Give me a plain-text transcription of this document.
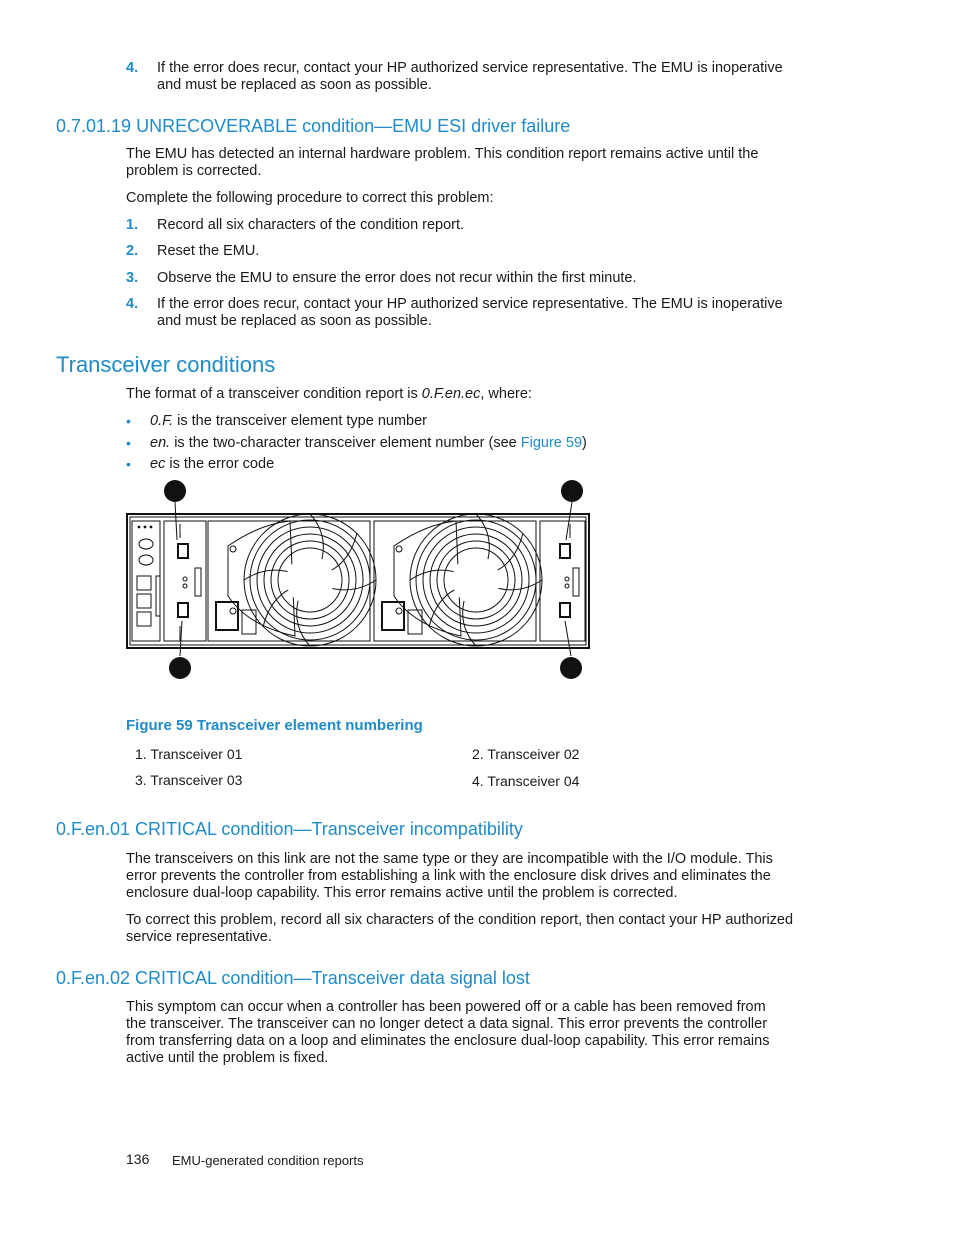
4. If the error does recur, contact your HP authorized service representative. The EMU is inoperative
and must be replaced as soon as possible.
0.7.01.19 UNRECOVERABLE condition—EMU ESI driver failure
The EMU has detected an internal hardware problem. This condition report remains active until the
problem is corrected.
Complete the following procedure to correct this problem:
1. Record all six characters of the condition report.
2. Reset the EMU.
3. Observe the EMU to ensure the error does not recur within the first minute.
4. If the error does recur, contact your HP authorized service representative. The EMU is inoperative
and must be replaced as soon as possible.
Transceiver conditions
The format of a transceiver condition report is 0.F.en.ec, where:
• 0.F. is the transceiver element type number
• en. is the two-character transceiver element number (see Figure 59)
• ec is the error code
Figure 59 Transceiver element numbering
1. Transceiver 01	2. Transceiver 02
3. Transceiver 03	4. Transceiver 04
0.F.en.01 CRITICAL condition—Transceiver incompatibility
The transceivers on this link are not the same type or they are incompatible with the I/O module. This
error prevents the controller from establishing a link with the enclosure disk drives and eliminates the
enclosure dual-loop capability. This error remains active until the problem is corrected.
To correct this problem, record all six characters of the condition report, then contact your HP authorized
service representative.
0.F.en.02 CRITICAL condition—Transceiver data signal lost
This symptom can occur when a controller has been powered off or a cable has been removed from
the transceiver. The transceiver can no longer detect a data signal. This error prevents the controller
from transferring data on a loop and eliminates the enclosure dual-loop capability. This error remains
active until the problem is fixed.
136 EMU-generated condition reports
